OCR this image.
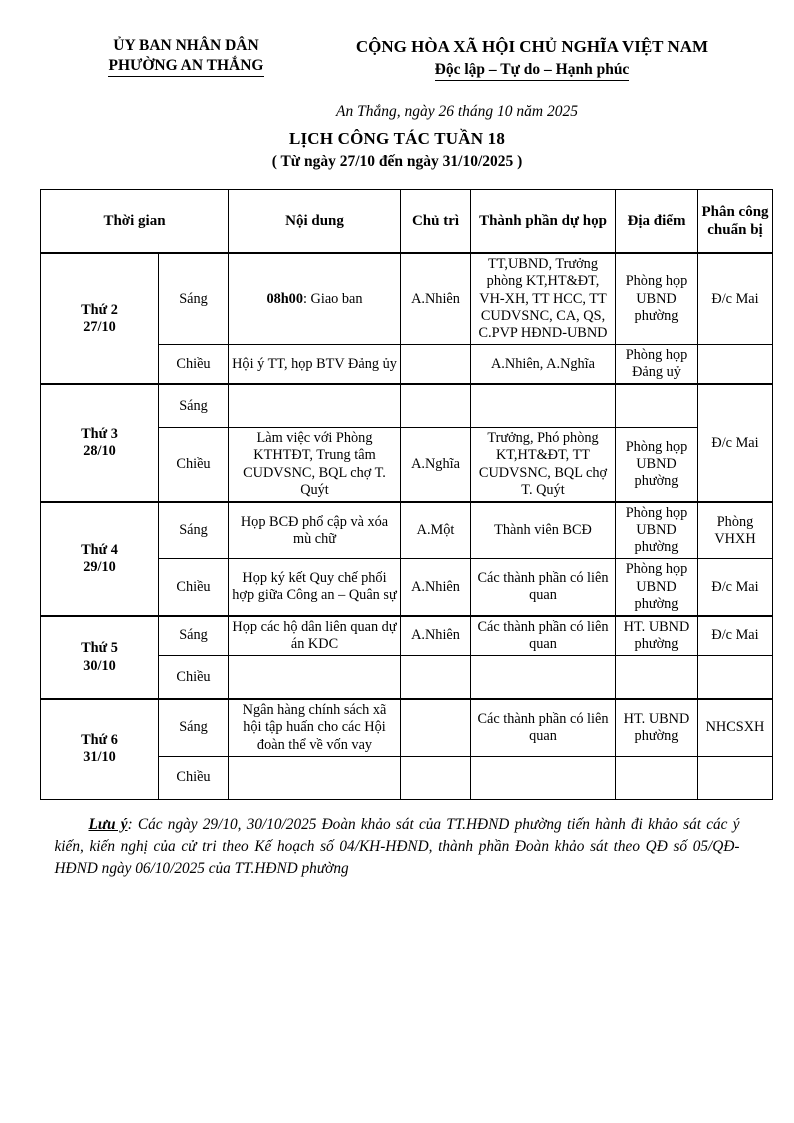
ỦY BAN NHÂN DÂN
PHƯỜNG AN THẮNG
CỘNG HÒA XÃ HỘI CHỦ NGHĨA VIỆT NAM
Độc lập – Tự do – Hạnh phúc
An Thắng, ngày 26 tháng 10 năm 2025
LỊCH CÔNG TÁC TUẦN 18
( Từ ngày 27/10 đến ngày 31/10/2025 )
Thời gian		Nội dung	Chủ trì	Thành phần dự họp	Địa điểm	Phân công
chuẩn bị

Thứ 2
27/10	Sáng	08h00: Giao ban	A.Nhiên	TT,UBND, Trưởng phòng KT,HT&ĐT, VH-XH, TT HCC, TT CUDVSNC, CA, QS, C.PVP HĐND-UBND	Phòng họp UBND phường	Đ/c Mai
	Chiều	Hội ý TT, họp BTV Đảng ủy		A.Nhiên, A.Nghĩa	Phòng họp Đảng uỷ	

Thứ 3
28/10	Sáng					Đ/c Mai
	Chiều	Làm việc với Phòng KTHTĐT, Trung tâm CUDVSNC, BQL chợ T. Quýt	A.Nghĩa	Trưởng, Phó phòng KT,HT&ĐT, TT CUDVSNC, BQL chợ T. Quýt	Phòng họp UBND phường	

Thứ 4
29/10	Sáng	Họp BCĐ phổ cập và xóa mù chữ	A.Một	Thành viên BCĐ	Phòng họp UBND phường	Phòng VHXH
	Chiều	Họp ký kết Quy chế phối hợp giữa Công an – Quân sự	A.Nhiên	Các thành phần có liên quan	Phòng họp UBND phường	Đ/c Mai

Thứ 5
30/10	Sáng	Họp các hộ dân liên quan dự án KDC	A.Nhiên	Các thành phần có liên quan	HT. UBND phường	Đ/c Mai
	Chiều					

Thứ 6
31/10	Sáng	Ngân hàng chính sách xã hội tập huấn cho các Hội đoàn thể về vốn vay		Các thành phần có liên quan	HT. UBND phường	NHCSXH
	Chiều					
Lưu ý: Các ngày 29/10, 30/10/2025 Đoàn khảo sát của TT.HĐND phường tiến hành đi khảo sát các ý kiến, kiến nghị của cử tri theo Kế hoạch số 04/KH-HĐND, thành phần Đoàn khảo sát theo QĐ số 05/QĐ-HĐND ngày 06/10/2025 của TT.HĐND phường
